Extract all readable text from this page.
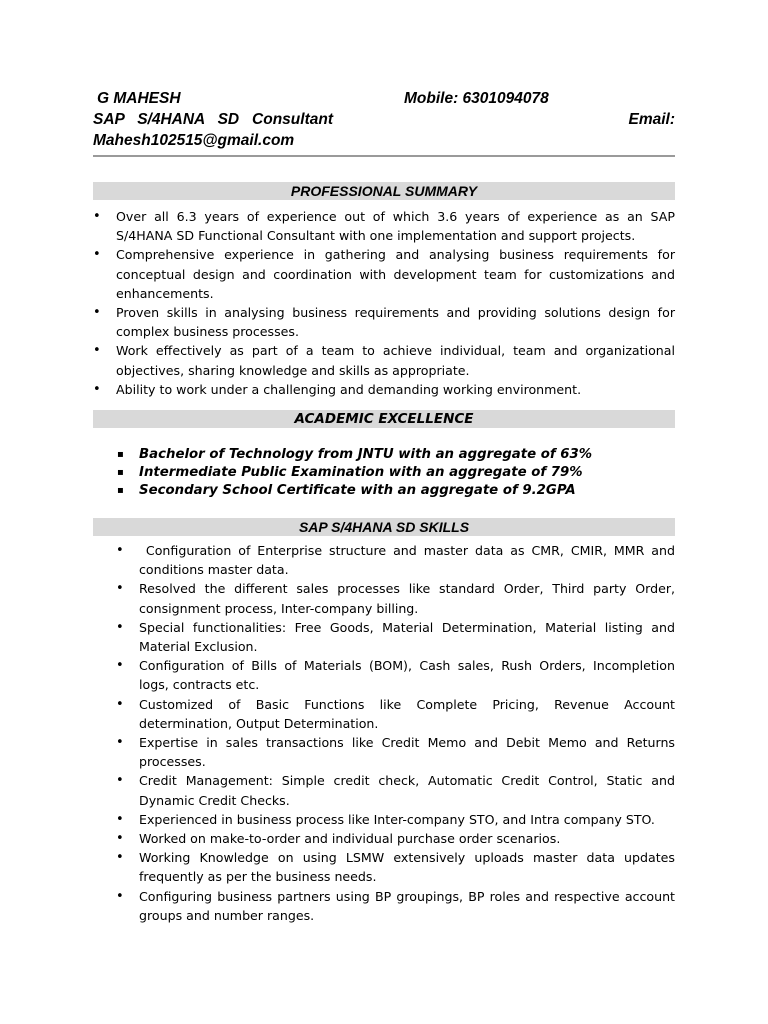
G MAHESH	Mobile: 6301094078
SAP   S/4HANA   SD   Consultant	Email:
Mahesh102515@gmail.com
PROFESSIONAL SUMMARY
• Over all 6.3 years of experience out of which 3.6 years of experience as an SAP S/4HANA SD Functional Consultant with one implementation and support projects.
• Comprehensive experience in gathering and analysing business requirements for conceptual design and coordination with development team for customizations and enhancements.
• Proven skills in analysing business requirements and providing solutions design for complex business processes.
• Work effectively as part of a team to achieve individual, team and organizational objectives, sharing knowledge and skills as appropriate.
• Ability to work under a challenging and demanding working environment.
ACADEMIC EXCELLENCE
▪ Bachelor of Technology from JNTU with an aggregate of 63%
▪ Intermediate Public Examination with an aggregate of 79%
▪ Secondary School Certificate with an aggregate of 9.2GPA
SAP S/4HANA SD SKILLS
•  Configuration of Enterprise structure and master data as CMR, CMIR, MMR and conditions master data.
• Resolved the different sales processes like standard Order, Third party Order, consignment process, Inter-company billing.
• Special functionalities: Free Goods, Material Determination, Material listing and Material Exclusion.
• Configuration of Bills of Materials (BOM), Cash sales, Rush Orders, Incompletion logs, contracts etc.
• Customized of Basic Functions like Complete Pricing, Revenue Account determination, Output Determination.
• Expertise in sales transactions like Credit Memo and Debit Memo and Returns processes.
• Credit Management: Simple credit check, Automatic Credit Control, Static and Dynamic Credit Checks.
• Experienced in business process like Inter-company STO, and Intra company STO.
• Worked on make-to-order and individual purchase order scenarios.
• Working Knowledge on using LSMW extensively uploads master data updates frequently as per the business needs.
• Configuring business partners using BP groupings, BP roles and respective account groups and number ranges.
